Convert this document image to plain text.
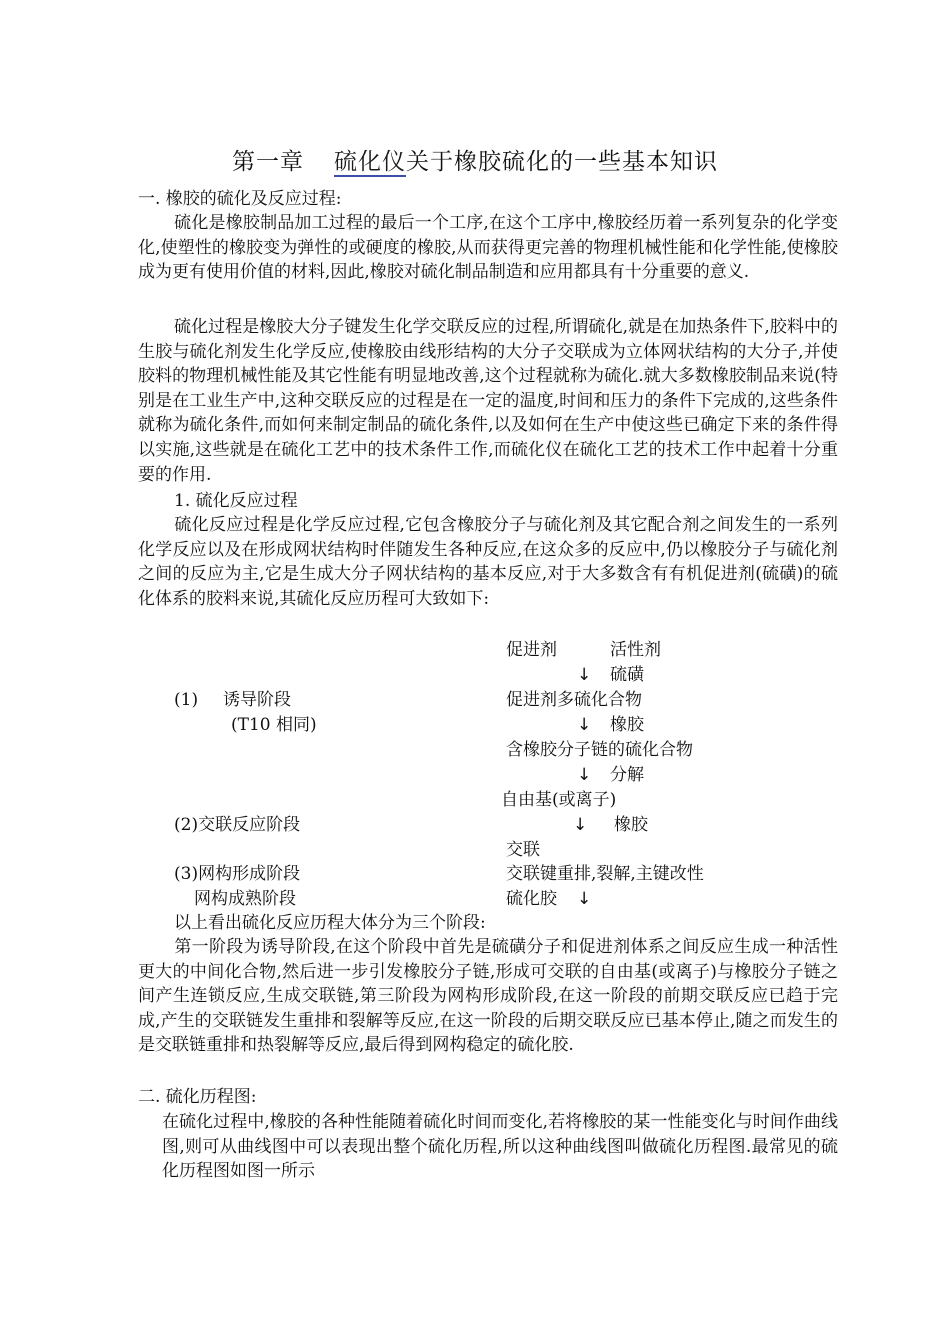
第一章 硫化仪关于橡胶硫化的一些基本知识
一. 橡胶的硫化及反应过程:
硫化是橡胶制品加工过程的最后一个工序,在这个工序中,橡胶经历着一系列复杂的化学变化,使塑性的橡胶变为弹性的或硬度的橡胶,从而获得更完善的物理机械性能和化学性能,使橡胶成为更有使用价值的材料,因此,橡胶对硫化制品制造和应用都具有十分重要的意义.
硫化过程是橡胶大分子键发生化学交联反应的过程,所谓硫化,就是在加热条件下,胶料中的生胶与硫化剂发生化学反应,使橡胶由线形结构的大分子交联成为立体网状结构的大分子,并使胶料的物理机械性能及其它性能有明显地改善,这个过程就称为硫化.就大多数橡胶制品来说(特别是在工业生产中,这种交联反应的过程是在一定的温度,时间和压力的条件下完成的,这些条件就称为硫化条件,而如何来制定制品的硫化条件,以及如何在生产中使这些已确定下来的条件得以实施,这些就是在硫化工艺中的技术条件工作,而硫化仪在硫化工艺的技术工作中起着十分重要的作用.
1. 硫化反应过程
硫化反应过程是化学反应过程,它包含橡胶分子与硫化剂及其它配合剂之间发生的一系列化学反应以及在形成网状结构时伴随发生各种反应,在这众多的反应中,仍以橡胶分子与硫化剂之间的反应为主,它是生成大分子网状结构的基本反应,对于大多数含有有机促进剂(硫磺)的硫化体系的胶料来说,其硫化反应历程可大致如下:
促进剂	活性剂
↓ 硫磺
(1) 诱导阶段	促进剂多硫化合物
(T10 相同)	↓ 橡胶
含橡胶分子链的硫化合物
↓ 分解
自由基(或离子)
(2)交联反应阶段	↓ 橡胶
交联
(3)网构形成阶段	交联键重排,裂解,主键改性
网构成熟阶段	硫化胶 ↓
以上看出硫化反应历程大体分为三个阶段:
第一阶段为诱导阶段,在这个阶段中首先是硫磺分子和促进剂体系之间反应生成一种活性更大的中间化合物,然后进一步引发橡胶分子链,形成可交联的自由基(或离子)与橡胶分子链之间产生连锁反应,生成交联链,第三阶段为网构形成阶段,在这一阶段的前期交联反应已趋于完成,产生的交联链发生重排和裂解等反应,在这一阶段的后期交联反应已基本停止,随之而发生的是交联链重排和热裂解等反应,最后得到网构稳定的硫化胶.
二. 硫化历程图:
在硫化过程中,橡胶的各种性能随着硫化时间而变化,若将橡胶的某一性能变化与时间作曲线图,则可从曲线图中可以表现出整个硫化历程,所以这种曲线图叫做硫化历程图.最常见的硫化历程图如图一所示
